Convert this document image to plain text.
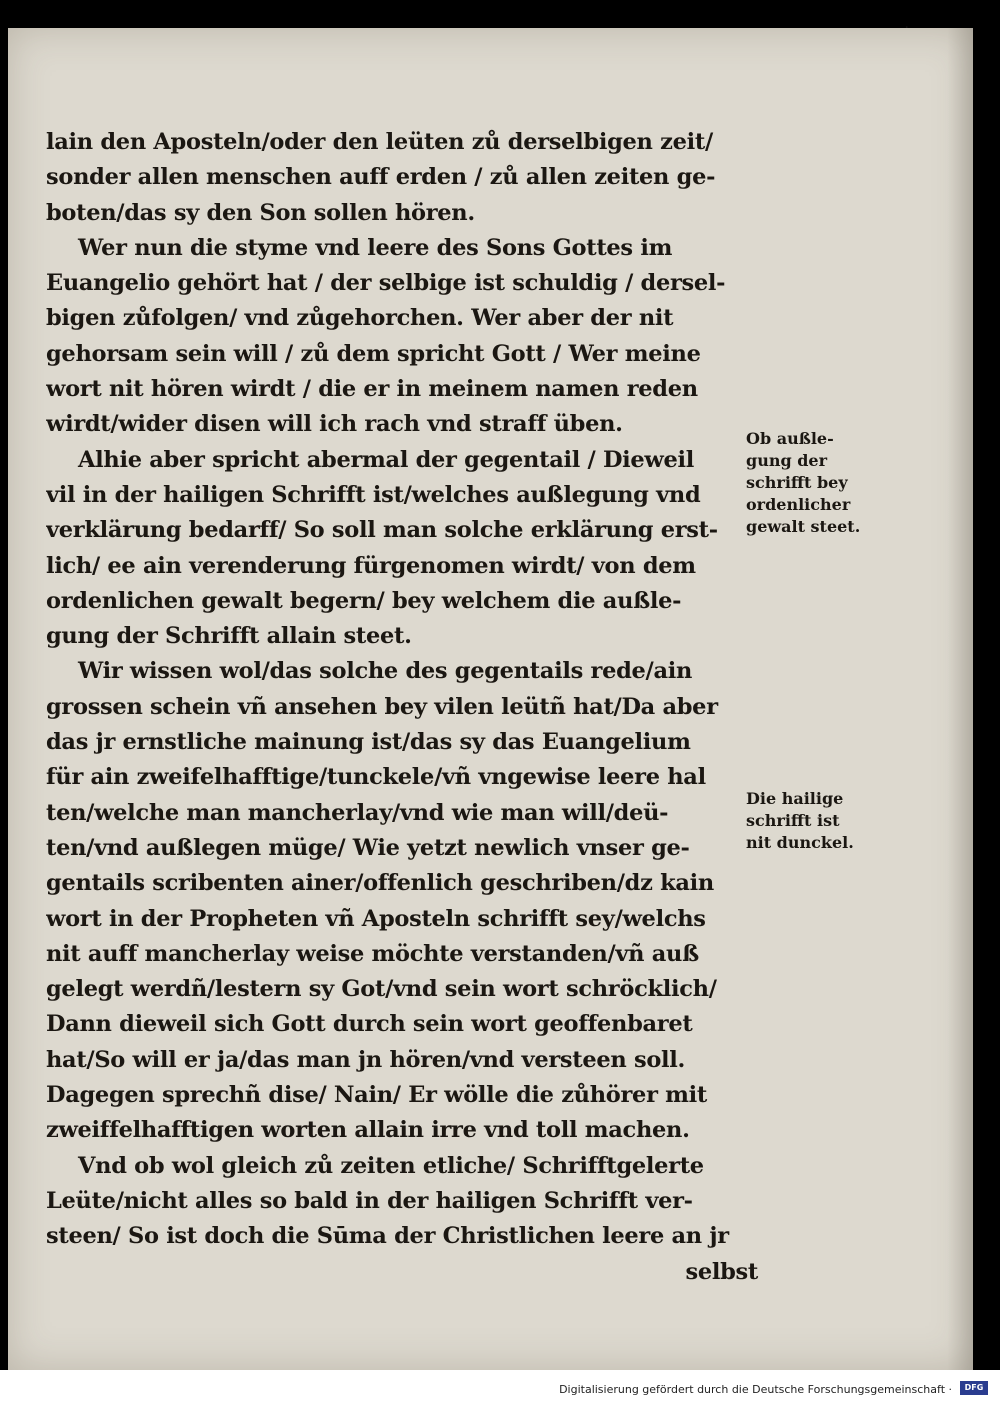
·
lain den Aposteln/oder den leüten zů derselbigen zeit/
sonder allen menschen auff erden / zů allen zeiten ge-
boten/das sy den Son sollen hören.
Wer nun die styme vnd leere des Sons Gottes im
Euangelio gehört hat / der selbige ist schuldig / dersel-
bigen zůfolgen/ vnd zůgehorchen. Wer aber der nit
gehorsam sein will / zů dem spricht Gott / Wer meine
wort nit hören wirdt / die er in meinem namen reden
wirdt/wider disen will ich rach vnd straff üben.
Alhie aber spricht abermal der gegentail / Dieweil
vil in der hailigen Schrifft ist/welches außlegung vnd
verklärung bedarff/ So soll man solche erklärung erst-
lich/ ee ain verenderung fürgenomen wirdt/ von dem
ordenlichen gewalt begern/ bey welchem die außle-
gung der Schrifft allain steet.
Wir wissen wol/das solche des gegentails rede/ain
grossen schein vñ ansehen bey vilen leütñ hat/Da aber
das jr ernstliche mainung ist/das sy das Euangelium
für ain zweifelhafftige/tunckele/vñ vngewise leere hal
ten/welche man mancherlay/vnd wie man will/deü-
ten/vnd außlegen müge/ Wie yetzt newlich vnser ge-
gentails scribenten ainer/offenlich geschriben/dz kain
wort in der Propheten vñ Aposteln schrifft sey/welchs
nit auff mancherlay weise möchte verstanden/vñ auß
gelegt werdñ/lestern sy Got/vnd sein wort schröcklich/
Dann dieweil sich Gott durch sein wort geoffenbaret
hat/So will er ja/das man jn hören/vnd versteen soll.
Dagegen sprechñ dise/ Nain/ Er wölle die zůhörer mit
zweiffelhafftigen worten allain irre vnd toll machen.
Vnd ob wol gleich zů zeiten etliche/ Schrifftgelerte
Leüte/nicht alles so bald in der hailigen Schrifft ver-
steen/ So ist doch die Sūma der Christlichen leere an jr
selbst
Ob außle-
gung der
schrifft bey
ordenlicher
gewalt steet.
Die hailige
schrifft ist
nit dunckel.
Digitalisierung gefördert durch die Deutsche Forschungsgemeinschaft ·	DFG
